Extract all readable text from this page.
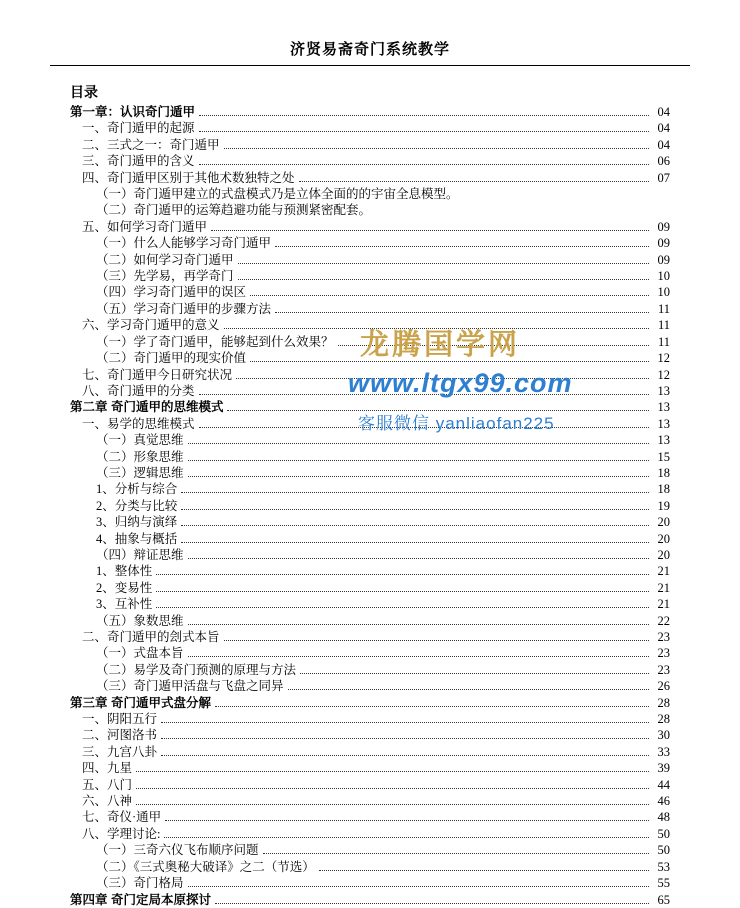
济贤易斋奇门系统教学
目录
第一章：认识奇门遁甲	04
一、奇门遁甲的起源	04
二、三式之一：奇门遁甲	04
三、奇门遁甲的含义	06
四、奇门遁甲区别于其他术数独特之处	07
（一）奇门遁甲建立的式盘模式乃是立体全面的的宇宙全息模型。
（二）奇门遁甲的运筹趋避功能与预测紧密配套。
五、如何学习奇门遁甲	09
（一）什么人能够学习奇门遁甲	09
（二）如何学习奇门遁甲	09
（三）先学易，再学奇门	10
（四）学习奇门遁甲的误区	10
（五）学习奇门遁甲的步骤方法	11
六、学习奇门遁甲的意义	11
（一）学了奇门遁甲，能够起到什么效果？	11
（二）奇门遁甲的现实价值	12
七、奇门遁甲今日研究状况	12
八、奇门遁甲的分类	13
第二章 奇门遁甲的思维模式	13
一、易学的思维模式	13
（一）真觉思维	13
（二）形象思维	15
（三）逻辑思维	18
1、分析与综合	18
2、分类与比较	19
3、归纳与演绎	20
4、抽象与概括	20
（四）辩证思维	20
1、整体性	21
2、变易性	21
3、互补性	21
（五）象数思维	22
二、奇门遁甲的刽式本旨	23
（一）式盘本旨	23
（二）易学及奇门预测的原理与方法	23
（三）奇门遁甲活盘与飞盘之同异	26
第三章 奇门遁甲式盘分解	28
一、阴阳五行	28
二、河图洛书	30
三、九宫八卦	33
四、九星	39
五、八门	44
六、八神	46
七、奇仪·通甲	48
八、学理讨论:	50
（一）三奇六仪飞布顺序问题	50
（二）《三式奥秘大破译》之二（节选）	53
（三）奇门格局	55
第四章 奇门定局本原探讨	65
龙腾国学网
www.ltgx99.com
客服微信 yanliaofan225
